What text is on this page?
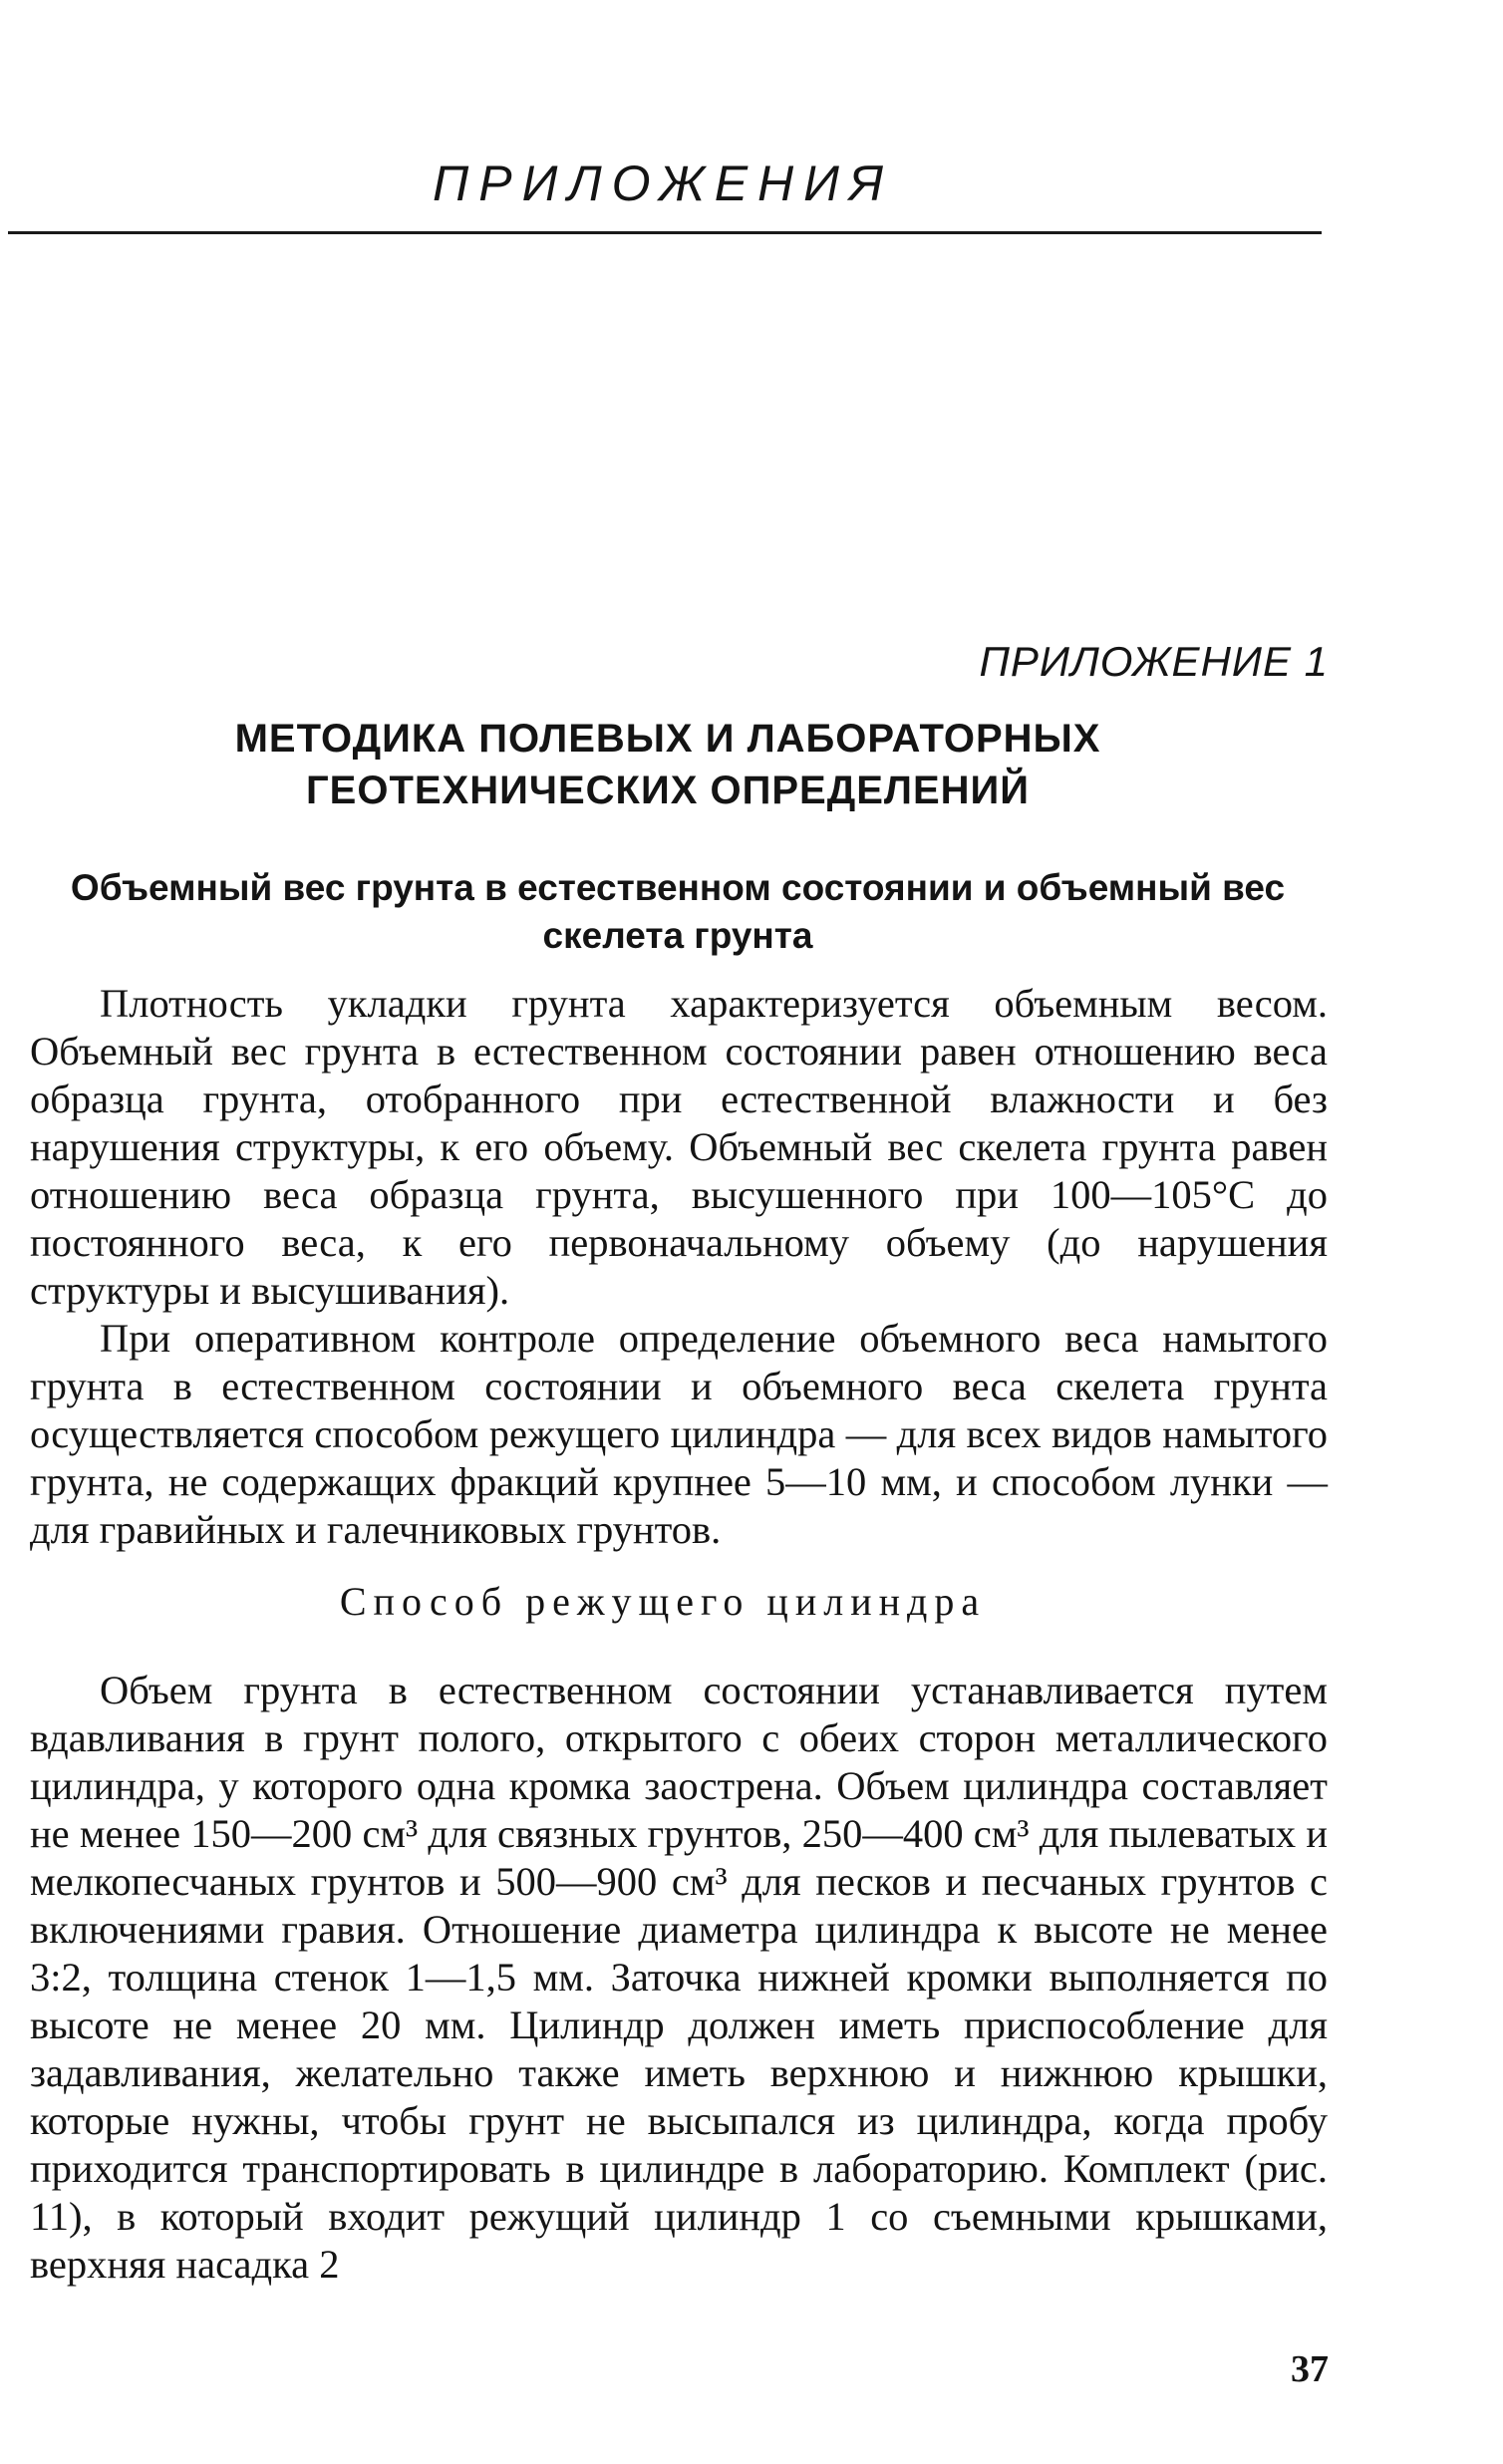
ПРИЛОЖЕНИЯ
ПРИЛОЖЕНИЕ 1
МЕТОДИКА ПОЛЕВЫХ И ЛАБОРАТОРНЫХ ГЕОТЕХНИЧЕСКИХ ОПРЕДЕЛЕНИЙ
Объемный вес грунта в естественном состоянии и объемный вес скелета грунта

Плотность укладки грунта характеризуется объемным весом. Объемный вес грунта в естественном состоянии равен отношению веса образца грунта, отобранного при естественной влажности и без нарушения структуры, к его объему. Объемный вес скелета грунта равен отношению веса образца грунта, высушенного при 100—105°С до постоянного веса, к его первоначальному объему (до нарушения структуры и высушивания).

При оперативном контроле определение объемного веса намытого грунта в естественном состоянии и объемного веса скелета грунта осуществляется способом режущего цилиндра — для всех видов намытого грунта, не содержащих фракций крупнее 5—10 мм, и способом лунки — для гравийных и галечниковых грунтов.

Способ режущего цилиндра

Объем грунта в естественном состоянии устанавливается путем вдавливания в грунт полого, открытого с обеих сторон металлического цилиндра, у которого одна кромка заострена. Объем цилиндра составляет не менее 150—200 см³ для связных грунтов, 250—400 см³ для пылеватых и мелкопесчаных грунтов и 500—900 см³ для песков и песчаных грунтов с включениями гравия. Отношение диаметра цилиндра к высоте не менее 3:2, толщина стенок 1—1,5 мм. Заточка нижней кромки выполняется по высоте не менее 20 мм. Цилиндр должен иметь приспособление для задавливания, желательно также иметь верхнюю и нижнюю крышки, которые нужны, чтобы грунт не высыпался из цилиндра, когда пробу приходится транспортировать в цилиндре в лабораторию. Комплект (рис. 11), в который входит режущий цилиндр 1 со съемными крышками, верхняя насадка 2

37
